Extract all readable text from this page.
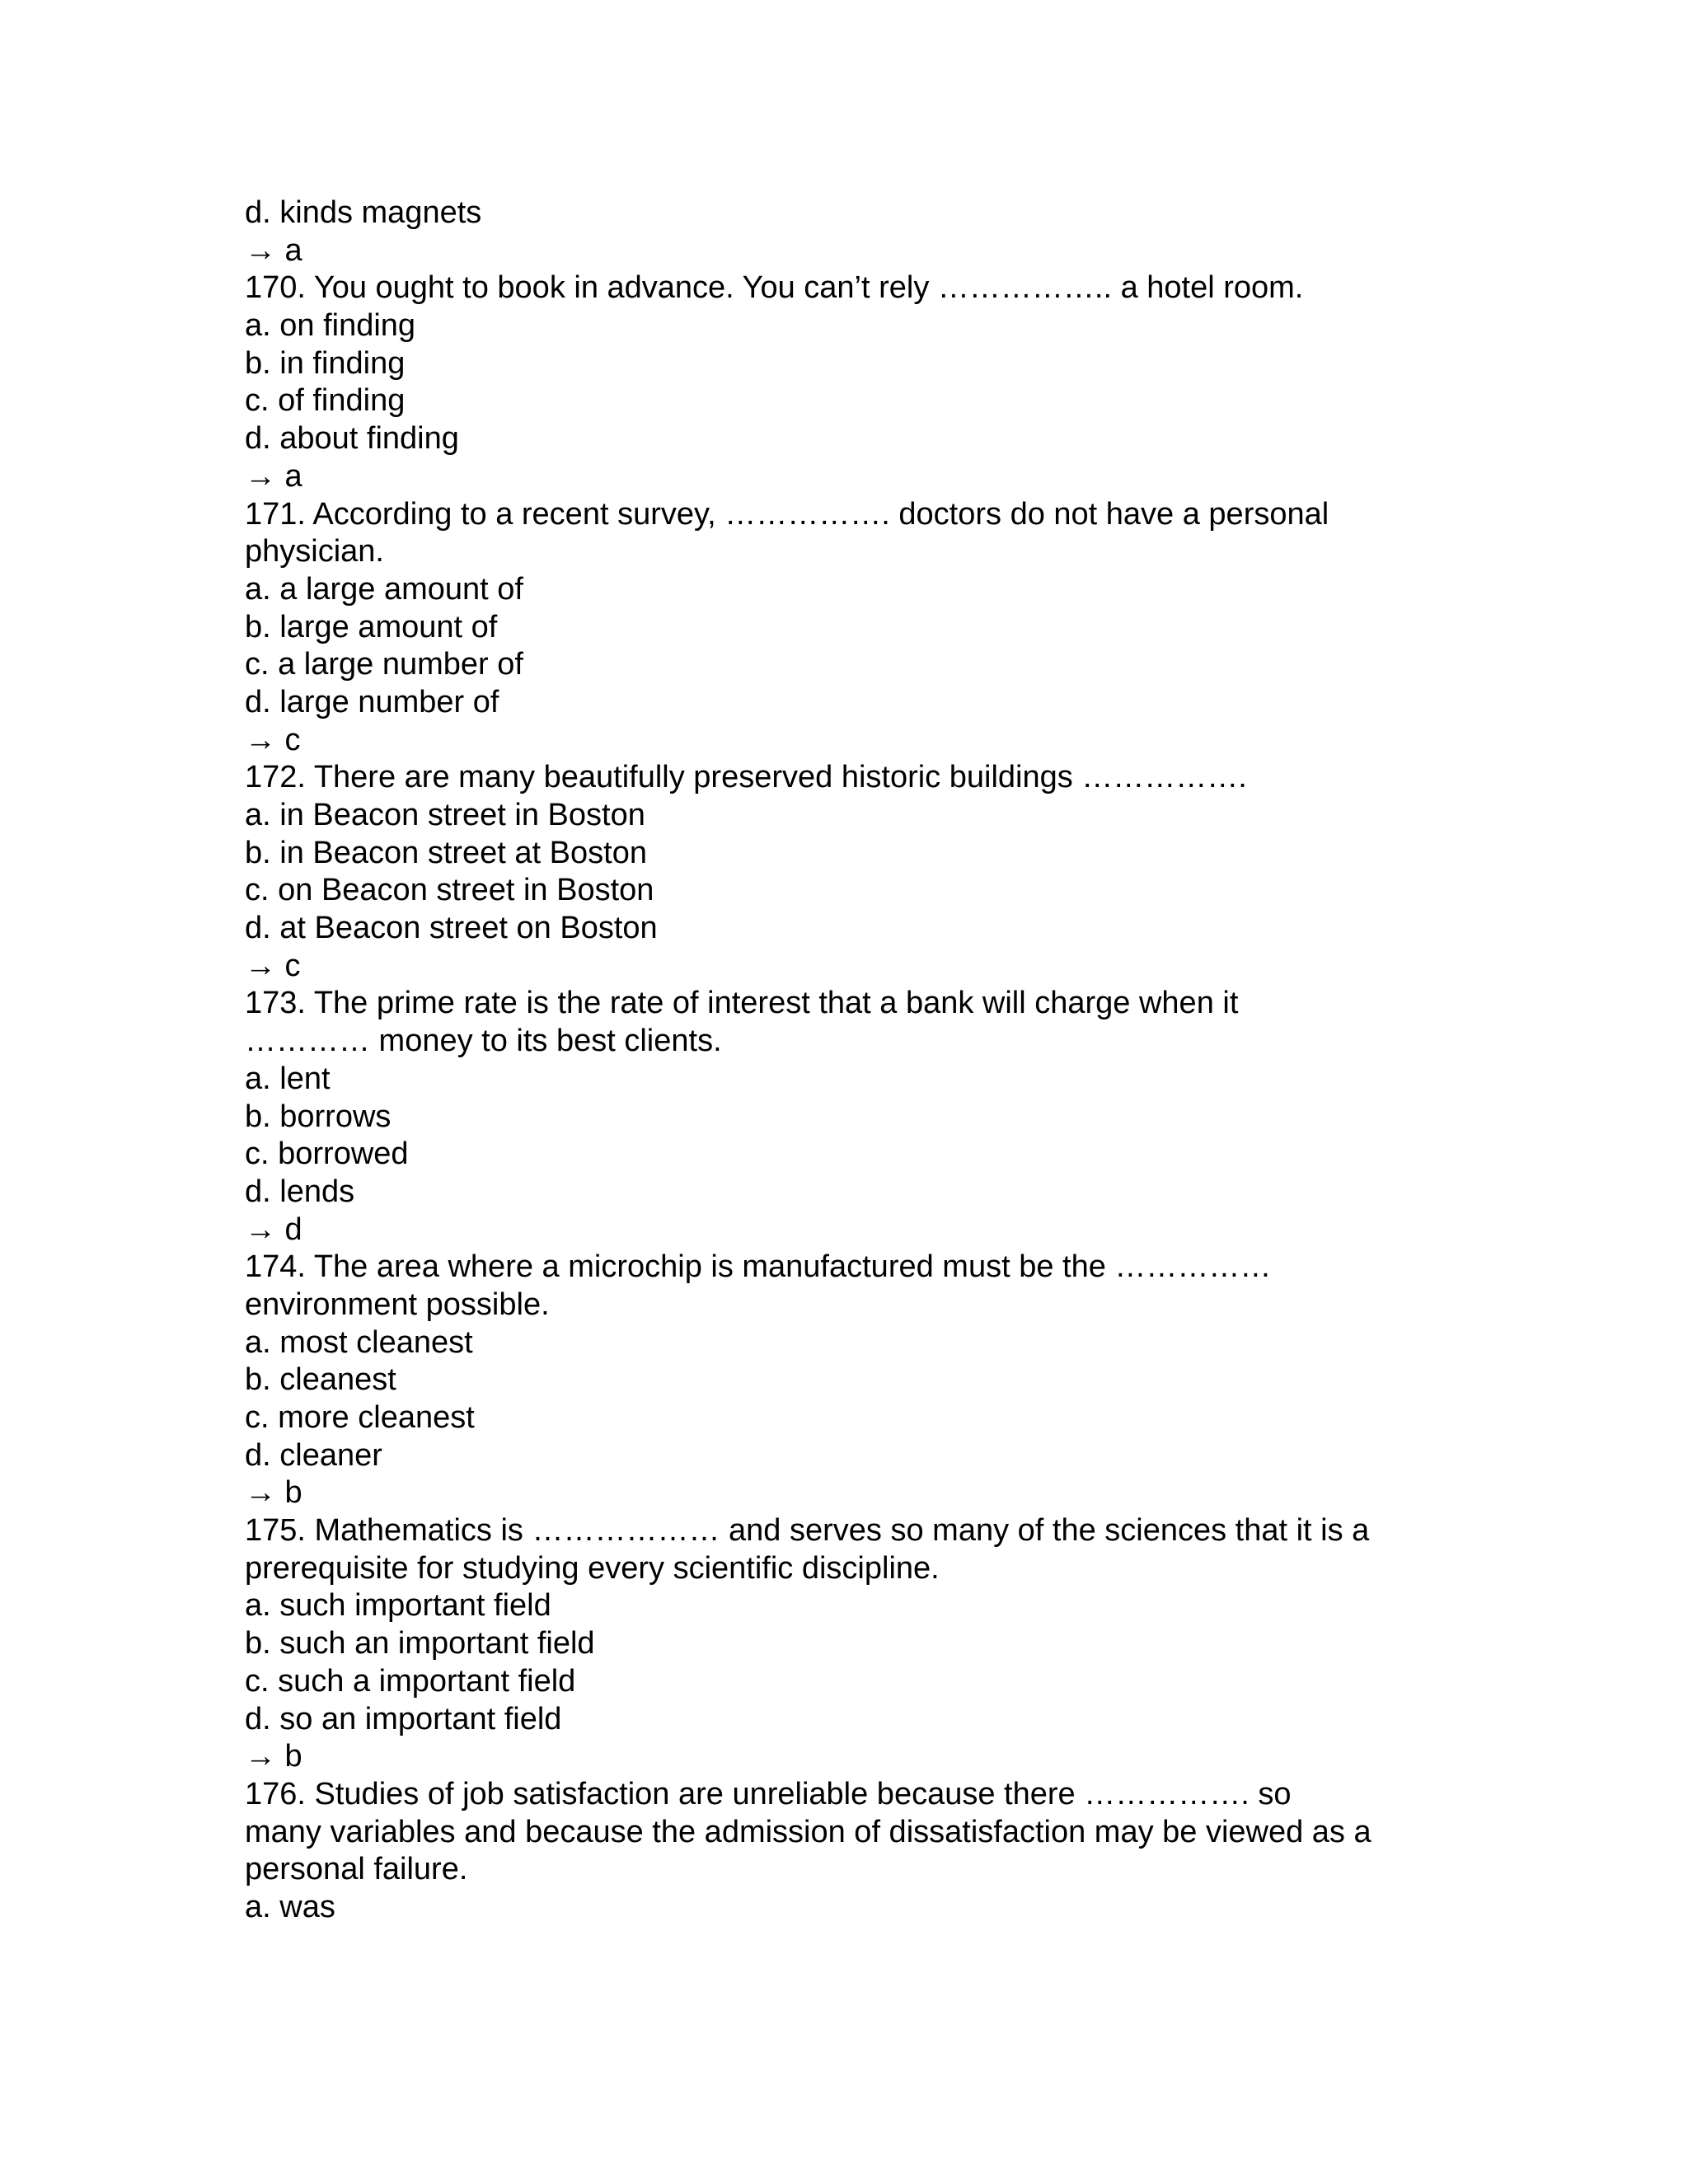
d. kinds magnets
→ a
170. You ought to book in advance. You can’t rely …………….. a hotel room.
a. on finding
b. in finding
c. of finding
d. about finding
→ a
171. According to a recent survey, ……………. doctors do not have a personal
physician.
a. a large amount of
b. large amount of
c. a large number of
d. large number of
→ c
172. There are many beautifully preserved historic buildings …………….
a. in Beacon street in Boston
b. in Beacon street at Boston
c. on Beacon street in Boston
d. at Beacon street on Boston
→ c
173. The prime rate is the rate of interest that a bank will charge when it
………… money to its best clients.
a. lent
b. borrows
c. borrowed
d. lends
→ d
174. The area where a microchip is manufactured must be the ……………
environment possible.
a. most cleanest
b. cleanest
c. more cleanest
d. cleaner
→ b
175. Mathematics is ……………… and serves so many of the sciences that it is a
prerequisite for studying every scientific discipline.
a. such important field
b. such an important field
c. such a important field
d. so an important field
→ b
176. Studies of job satisfaction are unreliable because there ……………. so
many variables and because the admission of dissatisfaction may be viewed as a
personal failure.
a. was
